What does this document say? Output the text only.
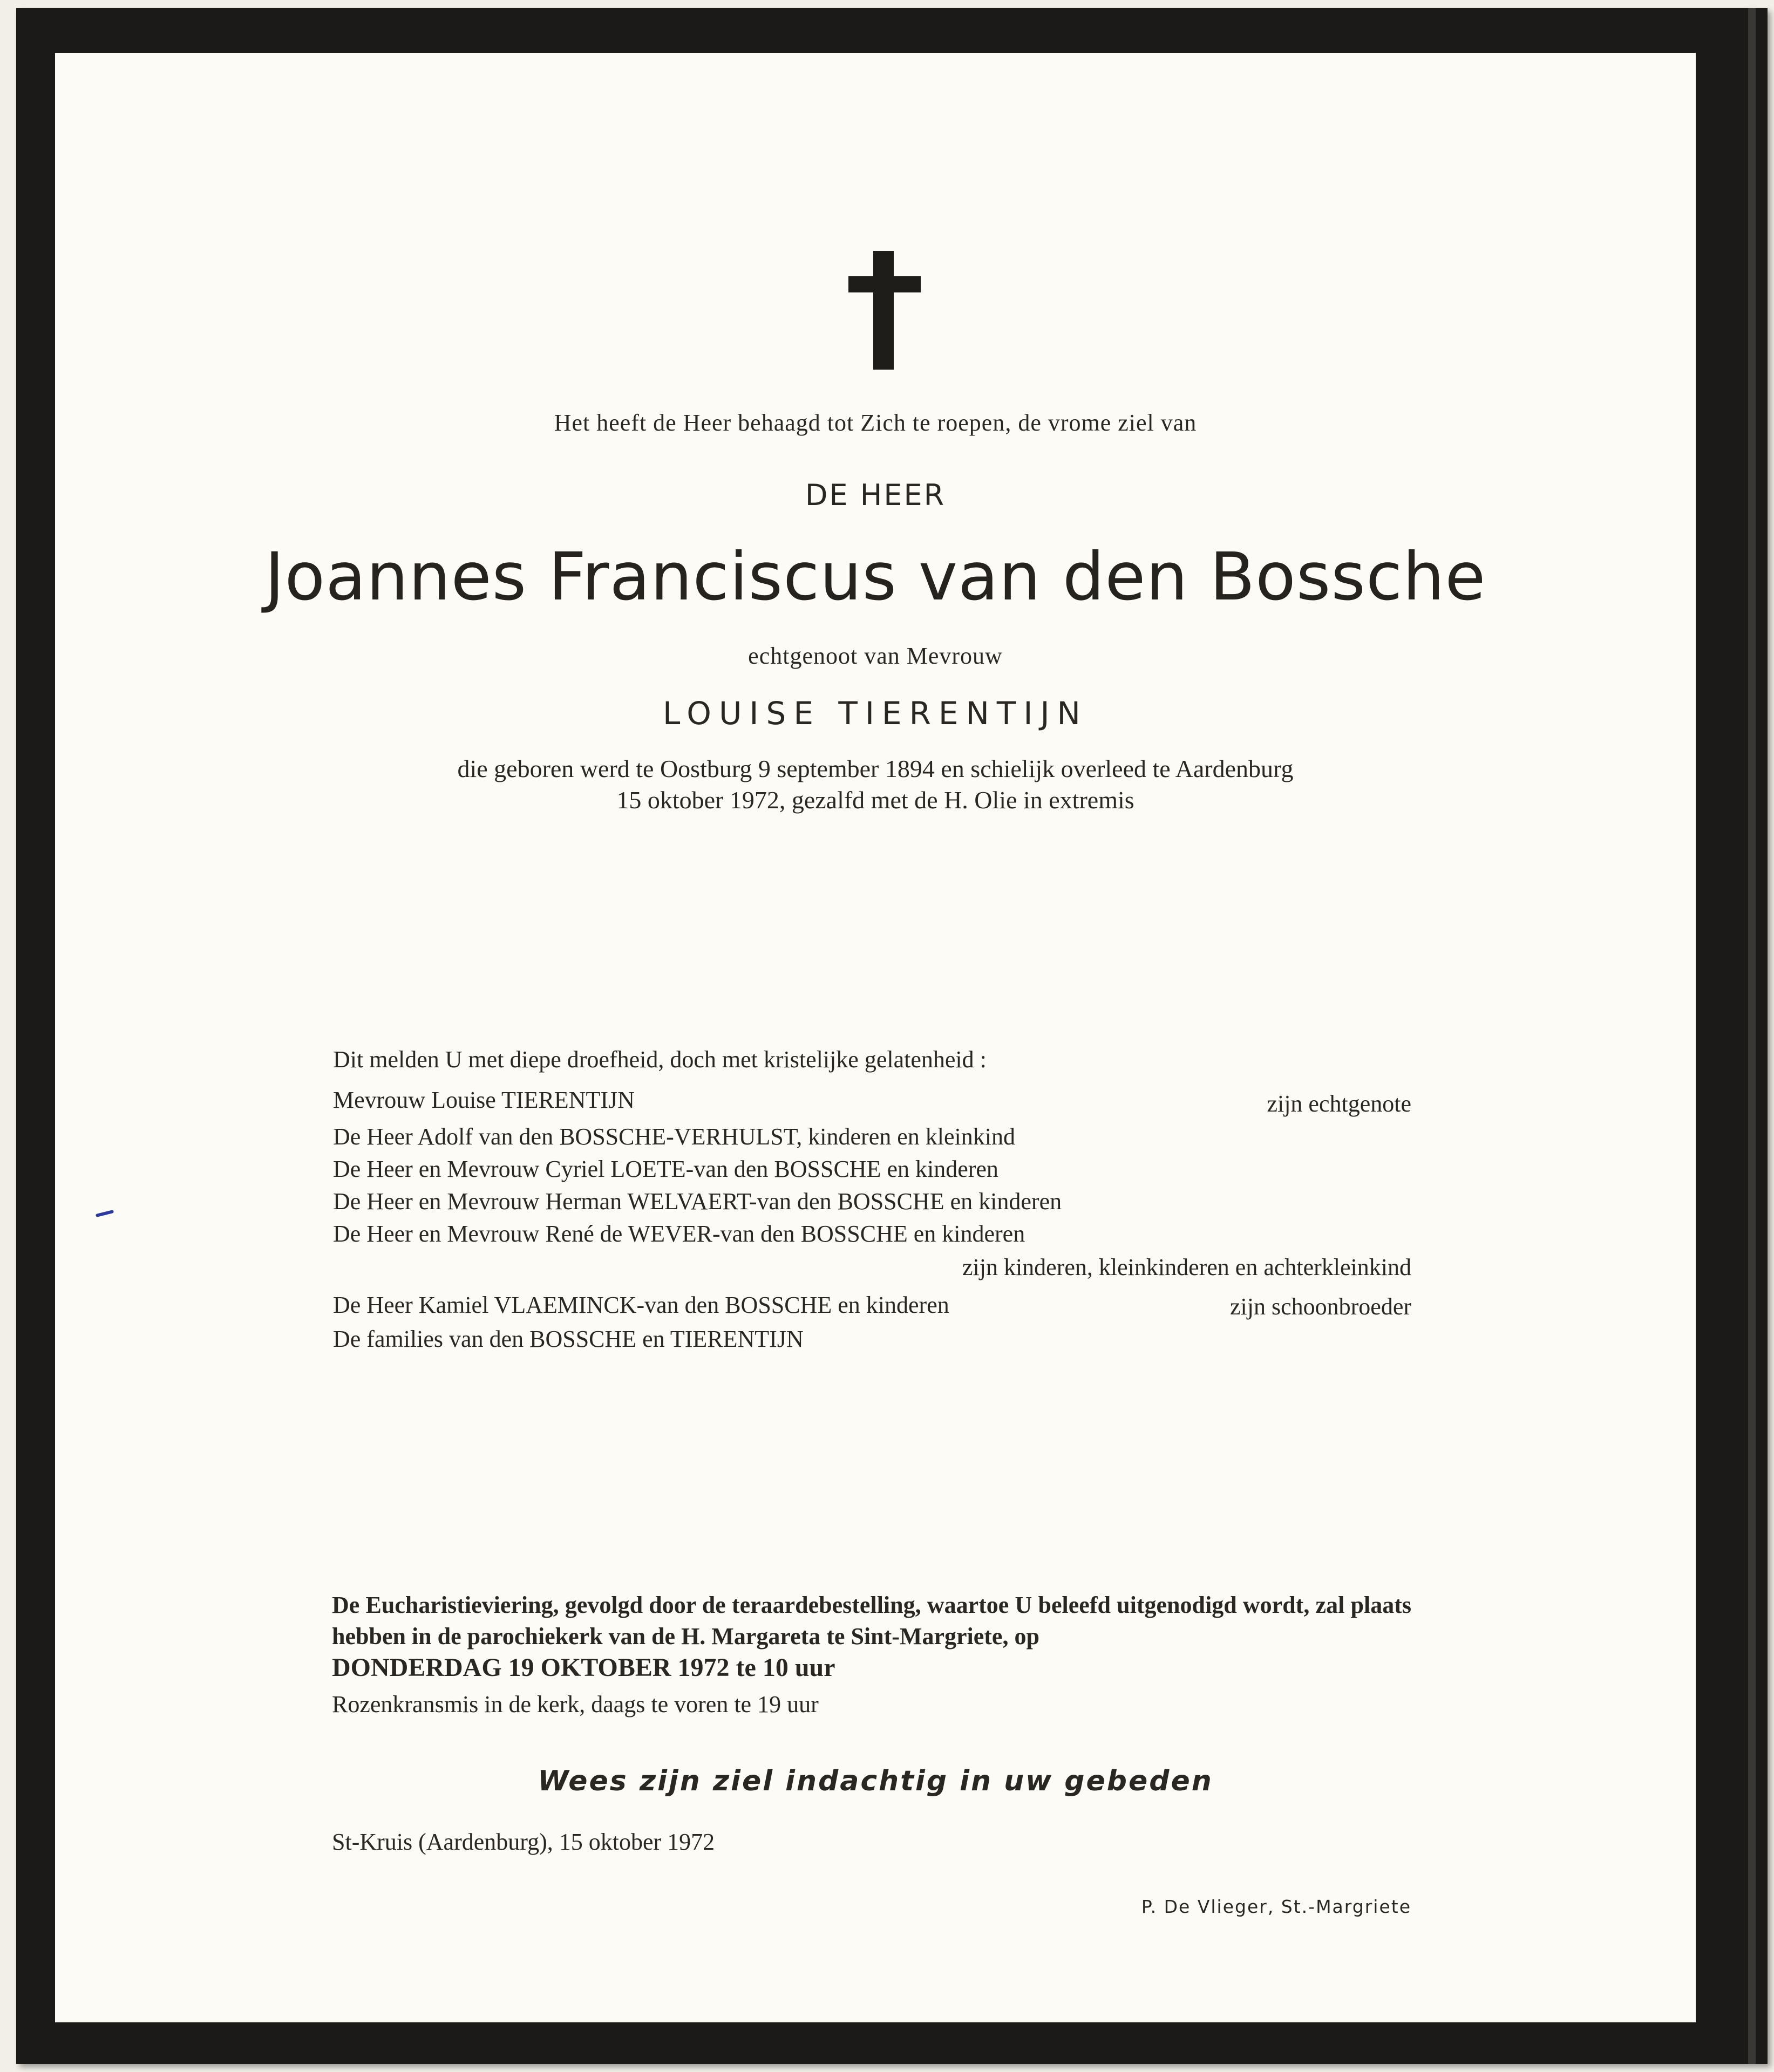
Het heeft de Heer behaagd tot Zich te roepen, de vrome ziel van
DE HEER
Joannes Franciscus van den Bossche
echtgenoot van Mevrouw
LOUISE TIERENTIJN
die geboren werd te Oostburg 9 september 1894 en schielijk overleed te Aardenburg
15 oktober 1972, gezalfd met de H. Olie in extremis
Dit melden U met diepe droefheid, doch met kristelijke gelatenheid :
Mevrouw Louise TIERENTIJN	zijn echtgenote
De Heer Adolf van den BOSSCHE-VERHULST, kinderen en kleinkind
De Heer en Mevrouw Cyriel LOETE-van den BOSSCHE en kinderen
De Heer en Mevrouw Herman WELVAERT-van den BOSSCHE en kinderen
De Heer en Mevrouw René de WEVER-van den BOSSCHE en kinderen
zijn kinderen, kleinkinderen en achterkleinkind
De Heer Kamiel VLAEMINCK-van den BOSSCHE en kinderen	zijn schoonbroeder
De families van den BOSSCHE en TIERENTIJN
De Eucharistieviering, gevolgd door de teraardebestelling, waartoe U beleefd uitgenodigd wordt, zal plaats hebben in de parochiekerk van de H. Margareta te Sint-Margriete, op
DONDERDAG 19 OKTOBER 1972 te 10 uur
Rozenkransmis in de kerk, daags te voren te 19 uur
Wees zijn ziel indachtig in uw gebeden
St-Kruis (Aardenburg), 15 oktober 1972
P. De Vlieger, St.-Margriete
